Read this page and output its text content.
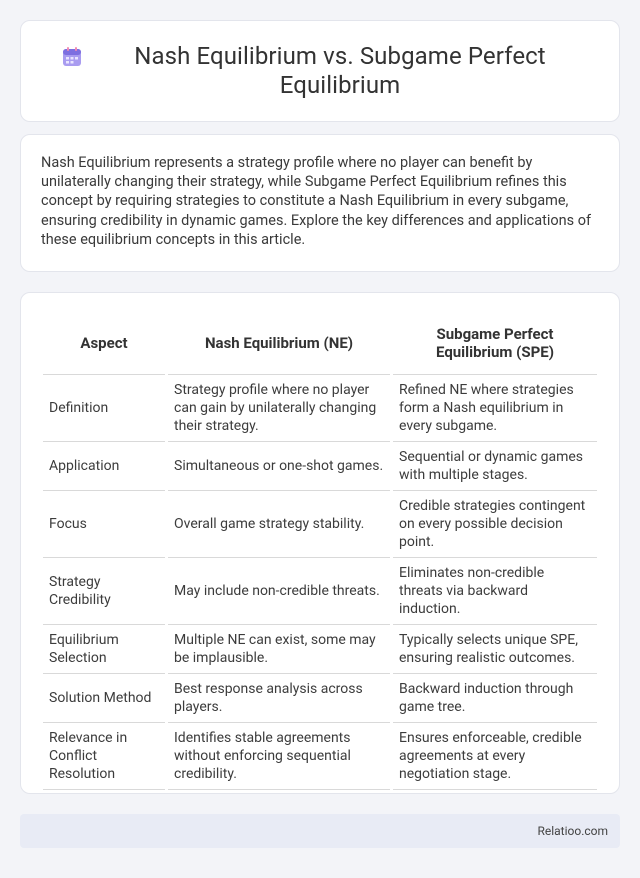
Nash Equilibrium vs. Subgame Perfect Equilibrium

Nash Equilibrium represents a strategy profile where no player can benefit by unilaterally changing their strategy, while Subgame Perfect Equilibrium refines this concept by requiring strategies to constitute a Nash Equilibrium in every subgame, ensuring credibility in dynamic games. Explore the key differences and applications of these equilibrium concepts in this article.

Aspect	Nash Equilibrium (NE)	Subgame Perfect Equilibrium (SPE)
Definition	Strategy profile where no player can gain by unilaterally changing their strategy.	Refined NE where strategies form a Nash equilibrium in every subgame.
Application	Simultaneous or one-shot games.	Sequential or dynamic games with multiple stages.
Focus	Overall game strategy stability.	Credible strategies contingent on every possible decision point.
Strategy Credibility	May include non-credible threats.	Eliminates non-credible threats via backward induction.
Equilibrium Selection	Multiple NE can exist, some may be implausible.	Typically selects unique SPE, ensuring realistic outcomes.
Solution Method	Best response analysis across players.	Backward induction through game tree.
Relevance in Conflict Resolution	Identifies stable agreements without enforcing sequential credibility.	Ensures enforceable, credible agreements at every negotiation stage.
Relatioo.com
